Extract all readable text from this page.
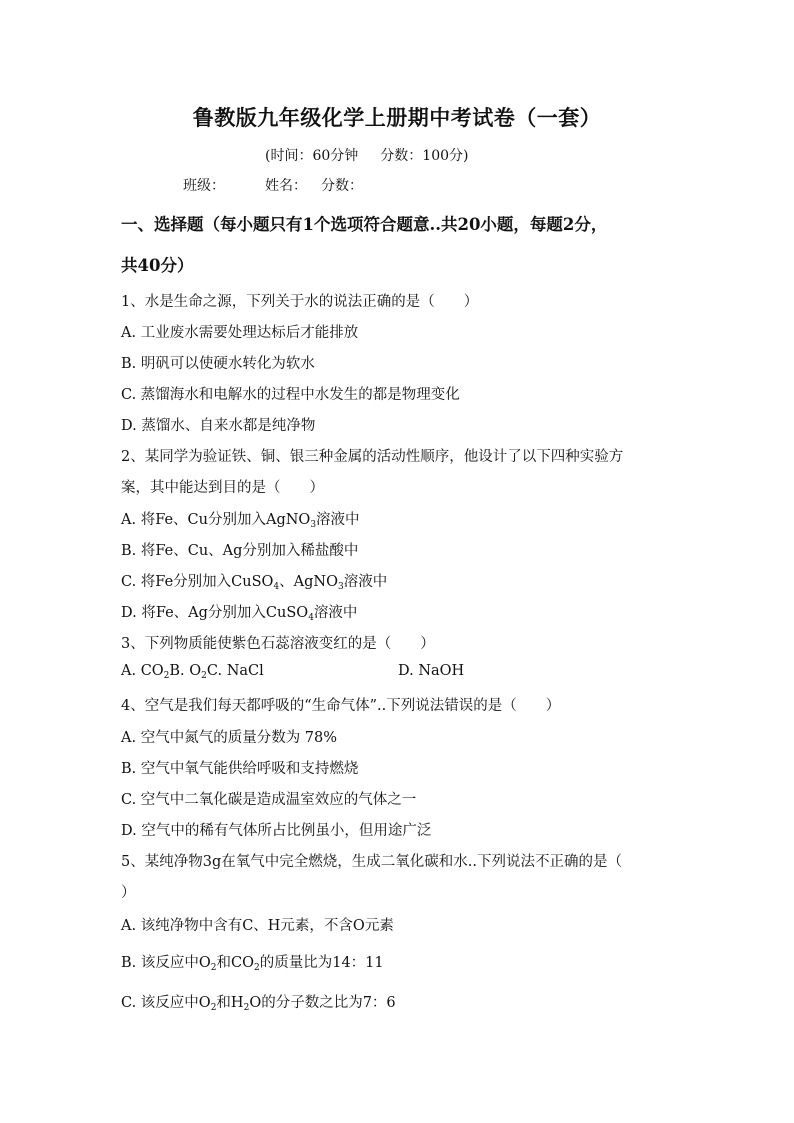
鲁教版九年级化学上册期中考试卷（一套）
(时间：60分钟 分数：100分)
班级：	姓名： 分数：
一、选择题（每小题只有1个选项符合题意..共20小题，每题2分，
共40分）
1、水是生命之源，下列关于水的说法正确的是（　　）
A. 工业废水需要处理达标后才能排放
B. 明矾可以使硬水转化为软水
C. 蒸馏海水和电解水的过程中水发生的都是物理变化
D. 蒸馏水、自来水都是纯净物
2、某同学为验证铁、铜、银三种金属的活动性顺序，他设计了以下四种实验方
案，其中能达到目的是（　　）
A. 将Fe、Cu分别加入AgNO$_3$溶液中
B. 将Fe、Cu、Ag分别加入稀盐酸中
C. 将Fe分别加入CuSO$_4$、AgNO$_3$溶液中
D. 将Fe、Ag分别加入CuSO$_4$溶液中
3、下列物质能使紫色石蕊溶液变红的是（　　）
A. $CO_2B$. $O_2C$. NaCl	D. NaOH
4、空气是我们每天都呼吸的“生命气体”..下列说法错误的是（　　）
A. 空气中氮气的质量分数为 78%
B. 空气中氧气能供给呼吸和支持燃烧
C. 空气中二氧化碳是造成温室效应的气体之一
D. 空气中的稀有气体所占比例虽小，但用途广泛
5、某纯净物3g在氧气中完全燃烧，生成二氧化碳和水..下列说法不正确的是（
）
A. 该纯净物中含有C、H元素，不含O元素
B. 该反应中$O_2$和$CO_2$的质量比为14：11
C. 该反应中$O_2$和$H_2O$的分子数之比为7：6
